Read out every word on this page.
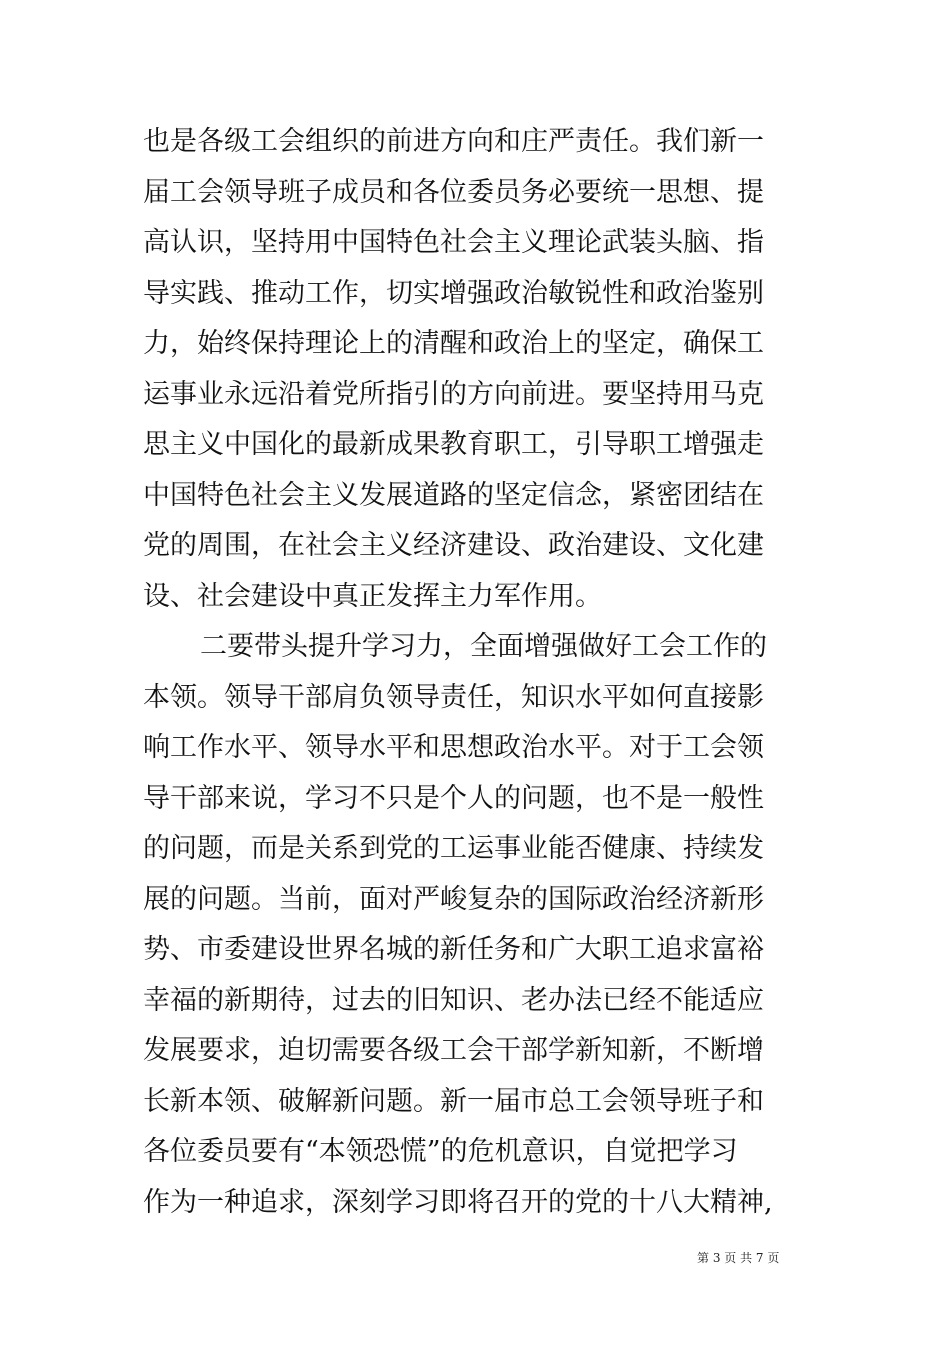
也是各级工会组织的前进方向和庄严责任。我们新一
届工会领导班子成员和各位委员务必要统一思想、提
高认识，坚持用中国特色社会主义理论武装头脑、指
导实践、推动工作，切实增强政治敏锐性和政治鉴别
力，始终保持理论上的清醒和政治上的坚定，确保工
运事业永远沿着党所指引的方向前进。要坚持用马克
思主义中国化的最新成果教育职工，引导职工增强走
中国特色社会主义发展道路的坚定信念，紧密团结在
党的周围，在社会主义经济建设、政治建设、文化建
设、社会建设中真正发挥主力军作用。
二要带头提升学习力，全面增强做好工会工作的
本领。领导干部肩负领导责任，知识水平如何直接影
响工作水平、领导水平和思想政治水平。对于工会领
导干部来说，学习不只是个人的问题，也不是一般性
的问题，而是关系到党的工运事业能否健康、持续发
展的问题。当前，面对严峻复杂的国际政治经济新形
势、市委建设世界名城的新任务和广大职工追求富裕
幸福的新期待，过去的旧知识、老办法已经不能适应
发展要求，迫切需要各级工会干部学新知新，不断增
长新本领、破解新问题。新一届市总工会领导班子和
各位委员要有“本领恐慌”的危机意识，自觉把学习
作为一种追求，深刻学习即将召开的党的十八大精神,
第 3 页 共 7 页
